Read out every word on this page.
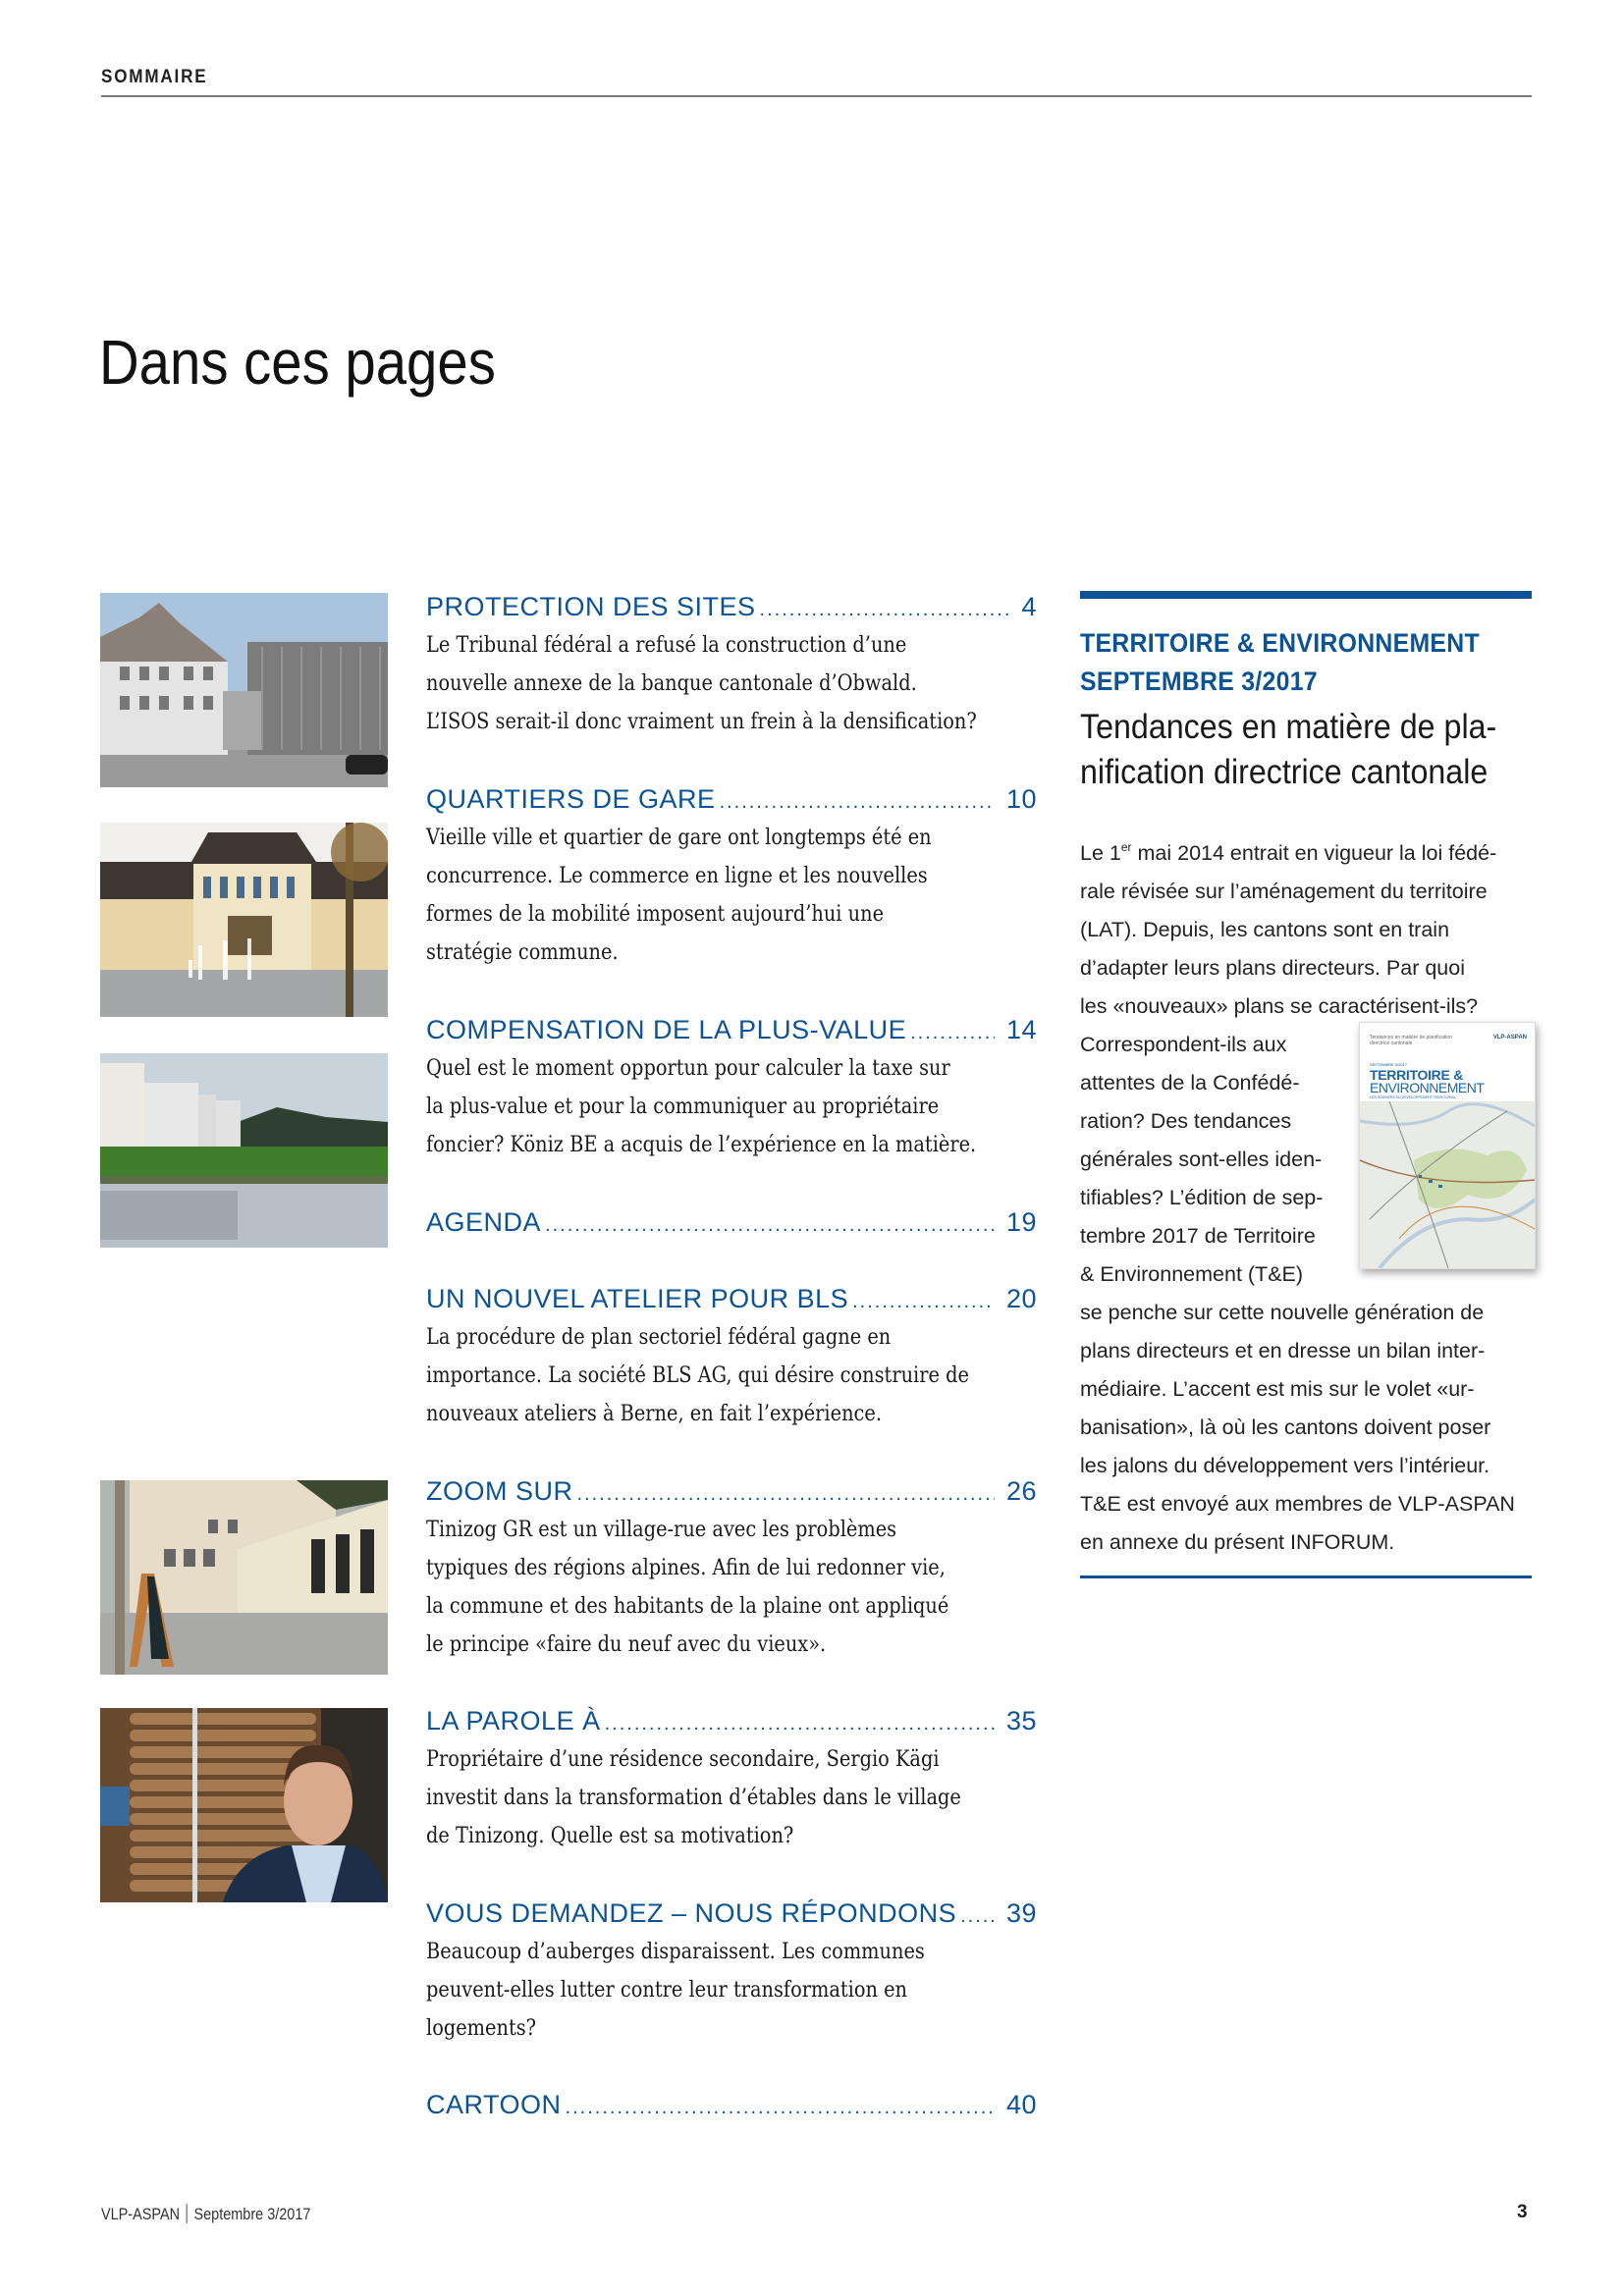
SOMMAIRE
Dans ces pages
PROTECTION DES SITES .....	4
Le Tribunal fédéral a refusé la construction d’une
nouvelle annexe de la banque cantonale d’Obwald.
L’ISOS serait-il donc vraiment un frein à la densification?
QUARTIERS DE GARE .....	10
Vieille ville et quartier de gare ont longtemps été en
concurrence. Le commerce en ligne et les nouvelles
formes de la mobilité imposent aujourd’hui une
stratégie commune.
COMPENSATION DE LA PLUS-VALUE .....	14
Quel est le moment opportun pour calculer la taxe sur
la plus-value et pour la communiquer au propriétaire
foncier? Köniz BE a acquis de l’expérience en la matière.
AGENDA .....	19
UN NOUVEL ATELIER POUR BLS .....	20
La procédure de plan sectoriel fédéral gagne en
importance. La société BLS AG, qui désire construire de
nouveaux ateliers à Berne, en fait l’expérience.
ZOOM SUR .....	26
Tinizog GR est un village-rue avec les problèmes
typiques des régions alpines. Afin de lui redonner vie,
la commune et des habitants de la plaine ont appliqué
le principe «faire du neuf avec du vieux».
LA PAROLE À .....	35
Propriétaire d’une résidence secondaire, Sergio Kägi
investit dans la transformation d’étables dans le village
de Tinizong. Quelle est sa motivation?
VOUS DEMANDEZ – NOUS RÉPONDONS ..... 39
Beaucoup d’auberges disparaissent. Les communes
peuvent-elles lutter contre leur transformation en
logements?
CARTOON .....	40
TERRITOIRE & ENVIRONNEMENT
SEPTEMBRE 3/2017
Tendances en matière de pla-
nification directrice cantonale
Le 1er mai 2014 entrait en vigueur la loi fédé-
rale révisée sur l’aménagement du territoire
(LAT). Depuis, les cantons sont en train
d’adapter leurs plans directeurs. Par quoi
les «nouveaux» plans se caractérisent-ils?
Correspondent-ils aux
attentes de la Confédé-
ration? Des tendances
générales sont-elles iden-
tifiables? L’édition de sep-
tembre 2017 de Territoire
& Environnement (T&E)
se penche sur cette nouvelle génération de
plans directeurs et en dresse un bilan inter-
médiaire. L’accent est mis sur le volet «ur-
banisation», là où les cantons doivent poser
les jalons du développement vers l’intérieur.
T&E est envoyé aux membres de VLP-ASPAN
en annexe du présent INFORUM.
Tendances en matière de planification directrice cantonale
VLP-ASPAN
SEPTEMBRE 3/2017
TERRITOIRE &
ENVIRONNEMENT
LES DOSSIERS DU DÉVELOPPEMENT TERRITORIAL
VLP-ASPAN Septembre 3/2017	3
